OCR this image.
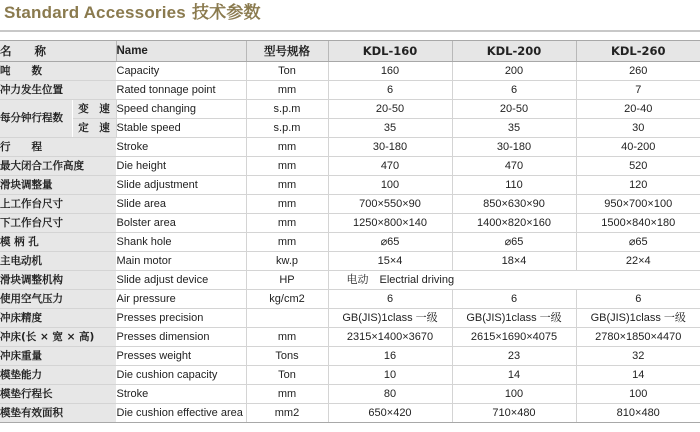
Standard Accessories 技术参数
名　　称		Name	型号规格	KDL-160	KDL-200	KDL-260
吨　　数		Capacity	Ton	160	200	260
冲力发生位置		Rated tonnage point	mm	6	6	7
每分钟行程数	变　速	Speed changing	s.p.m	20-50	20-50	20-40
	定　速	Stable speed	s.p.m	35	35	30
行　　程		Stroke	mm	30-180	30-180	40-200
最大闭合工作高度		Die height	mm	470	470	520
滑块调整量		Slide adjustment	mm	100	110	120
上工作台尺寸		Slide area	mm	700×550×90	850×630×90	950×700×100
下工作台尺寸		Bolster area	mm	1250×800×140	1400×820×160	1500×840×180
模 柄 孔		Shank hole	mm	⌀65	⌀65	⌀65
主电动机		Main motor	kw.p	15×4	18×4	22×4
滑块调整机构		Slide adjust device	HP	电动　Electrial driving		
使用空气压力		Air pressure	kg/cm2	6	6	6
冲床精度		Presses precision		GB(JIS)1class 一级	GB(JIS)1class 一级	GB(JIS)1class 一级
冲床(长 × 宽 × 高)		Presses dimension	mm	2315×1400×3670	2615×1690×4075	2780×1850×4470
冲床重量		Presses weight	Tons	16	23	32
模垫能力		Die cushion capacity	Ton	10	14	14
模垫行程长		Stroke	mm	80	100	100
模垫有效面积		Die cushion effective area	mm2	650×420	710×480	810×480
